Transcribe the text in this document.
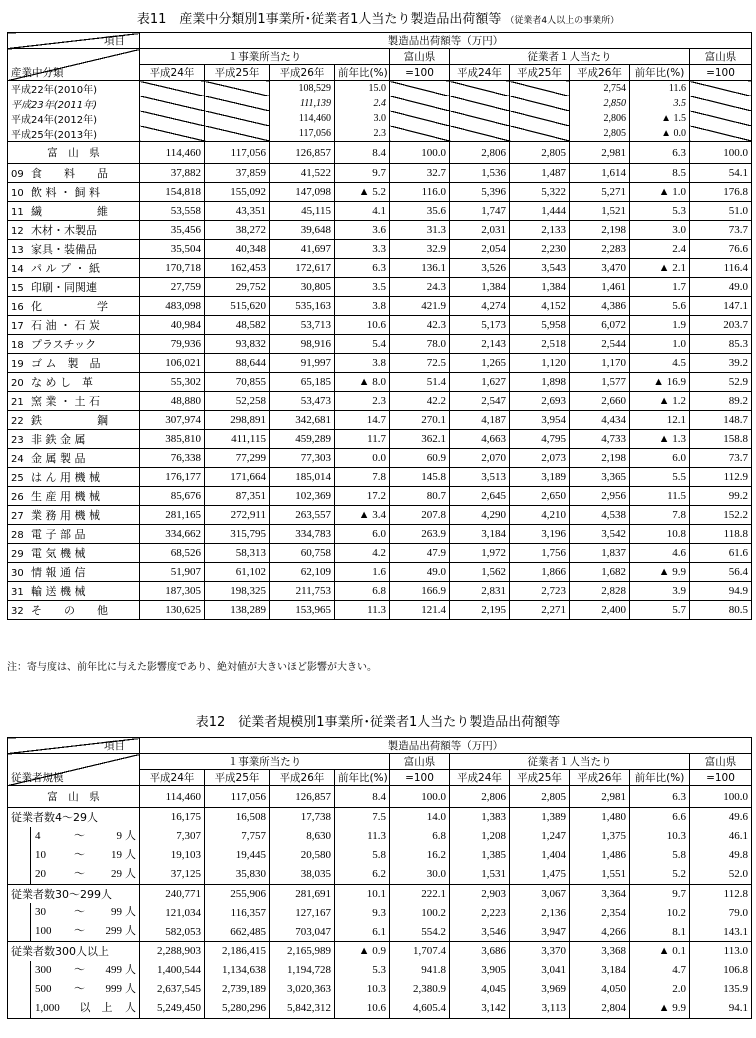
表11　産業中分類別1事業所･従業者1人当たり製造品出荷額等 （従業者4人以上の事業所）
項目	製造品出荷額等（万円）									
産業中分類	１事業所当たり				富山県	従業者１人当たり				富山県
	平成24年	平成25年	平成26年	前年比(%)	=100	平成24年	平成25年	平成26年	前年比(%)	=100
平成22年(2010年)			108,529	15.0				2,754	11.6	
平成23年(2011年)			111,139	2.4				2,850	3.5	
平成24年(2012年)			114,460	3.0				2,806	▲ 1.5	
平成25年(2013年)			117,056	2.3				2,805	▲ 0.0	
富　山　県	114,460	117,056	126,857	8.4	100.0	2,806	2,805	2,981	6.3	100.0
09 食　　料　　品	37,882	37,859	41,522	9.7	32.7	1,536	1,487	1,614	8.5	54.1
10 飲 料 ・ 飼 料	154,818	155,092	147,098	▲ 5.2	116.0	5,396	5,322	5,271	▲ 1.0	176.8
11 繊　　　　　維	53,558	43,351	45,115	4.1	35.6	1,747	1,444	1,521	5.3	51.0
12 木材・木製品	35,456	38,272	39,648	3.6	31.3	2,031	2,133	2,198	3.0	73.7
13 家具・装備品	35,504	40,348	41,697	3.3	32.9	2,054	2,230	2,283	2.4	76.6
14 パ ル プ ・ 紙	170,718	162,453	172,617	6.3	136.1	3,526	3,543	3,470	▲ 2.1	116.4
15 印刷・同関連	27,759	29,752	30,805	3.5	24.3	1,384	1,384	1,461	1.7	49.0
16 化　　　　　学	483,098	515,620	535,163	3.8	421.9	4,274	4,152	4,386	5.6	147.1
17 石 油 ・ 石 炭	40,984	48,582	53,713	10.6	42.3	5,173	5,958	6,072	1.9	203.7
18 プラスチック	79,936	93,832	98,916	5.4	78.0	2,143	2,518	2,544	1.0	85.3
19 ゴ ム　製　品	106,021	88,644	91,997	3.8	72.5	1,265	1,120	1,170	4.5	39.2
20 な め し　革	55,302	70,855	65,185	▲ 8.0	51.4	1,627	1,898	1,577	▲ 16.9	52.9
21 窯 業 ・ 土 石	48,880	52,258	53,473	2.3	42.2	2,547	2,693	2,660	▲ 1.2	89.2
22 鉄　　　　　鋼	307,974	298,891	342,681	14.7	270.1	4,187	3,954	4,434	12.1	148.7
23 非 鉄 金 属	385,810	411,115	459,289	11.7	362.1	4,663	4,795	4,733	▲ 1.3	158.8
24 金 属 製 品	76,338	77,299	77,303	0.0	60.9	2,070	2,073	2,198	6.0	73.7
25 は ん 用 機 械	176,177	171,664	185,014	7.8	145.8	3,513	3,189	3,365	5.5	112.9
26 生 産 用 機 械	85,676	87,351	102,369	17.2	80.7	2,645	2,650	2,956	11.5	99.2
27 業 務 用 機 械	281,165	272,911	263,557	▲ 3.4	207.8	4,290	4,210	4,538	7.8	152.2
28 電 子 部 品	334,662	315,795	334,783	6.0	263.9	3,184	3,196	3,542	10.8	118.8
29 電 気 機 械	68,526	58,313	60,758	4.2	47.9	1,972	1,756	1,837	4.6	61.6
30 情 報 通 信	51,907	61,102	62,109	1.6	49.0	1,562	1,866	1,682	▲ 9.9	56.4
31 輸 送 機 械	187,305	198,325	211,753	6.8	166.9	2,831	2,723	2,828	3.9	94.9
32 そ　　の　　他	130,625	138,289	153,965	11.3	121.4	2,195	2,271	2,400	5.7	80.5
注：寄与度は、前年比に与えた影響度であり、絶対値が大きいほど影響が大きい。
表12　従業者規模別1事業所･従業者1人当たり製造品出荷額等
項目	製造品出荷額等（万円）									
従業者規模	１事業所当たり				富山県	従業者１人当たり				富山県
	平成24年	平成25年	平成26年	前年比(%)	=100	平成24年	平成25年	平成26年	前年比(%)	=100
富　山　県	114,460	117,056	126,857	8.4	100.0	2,806	2,805	2,981	6.3	100.0
従業者数4～29人	16,175	16,508	17,738	7.5	14.0	1,383	1,389	1,480	6.6	49.6

4 ～ 9 人	7,307	7,757	8,630	11.3	6.8	1,208	1,247	1,375	10.3	46.1

10 ～ 19 人	19,103	19,445	20,580	5.8	16.2	1,385	1,404	1,486	5.8	49.8

20 ～ 29 人	37,125	35,830	38,035	6.2	30.0	1,531	1,475	1,551	5.2	52.0
従業者数30～299人	240,771	255,906	281,691	10.1	222.1	2,903	3,067	3,364	9.7	112.8

30 ～ 99 人	121,034	116,357	127,167	9.3	100.2	2,223	2,136	2,354	10.2	79.0

100 ～ 299 人	582,053	662,485	703,047	6.1	554.2	3,546	3,947	4,266	8.1	143.1
従業者数300人以上	2,288,903	2,186,415	2,165,989	▲ 0.9	1,707.4	3,686	3,370	3,368	▲ 0.1	113.0

300 ～ 499 人	1,400,544	1,134,638	1,194,728	5.3	941.8	3,905	3,041	3,184	4.7	106.8

500 ～ 999 人	2,637,545	2,739,189	3,020,363	10.3	2,380.9	4,045	3,969	4,050	2.0	135.9

1,000 以　上 人	5,249,450	5,280,296	5,842,312	10.6	4,605.4	3,142	3,113	2,804	▲ 9.9	94.1
